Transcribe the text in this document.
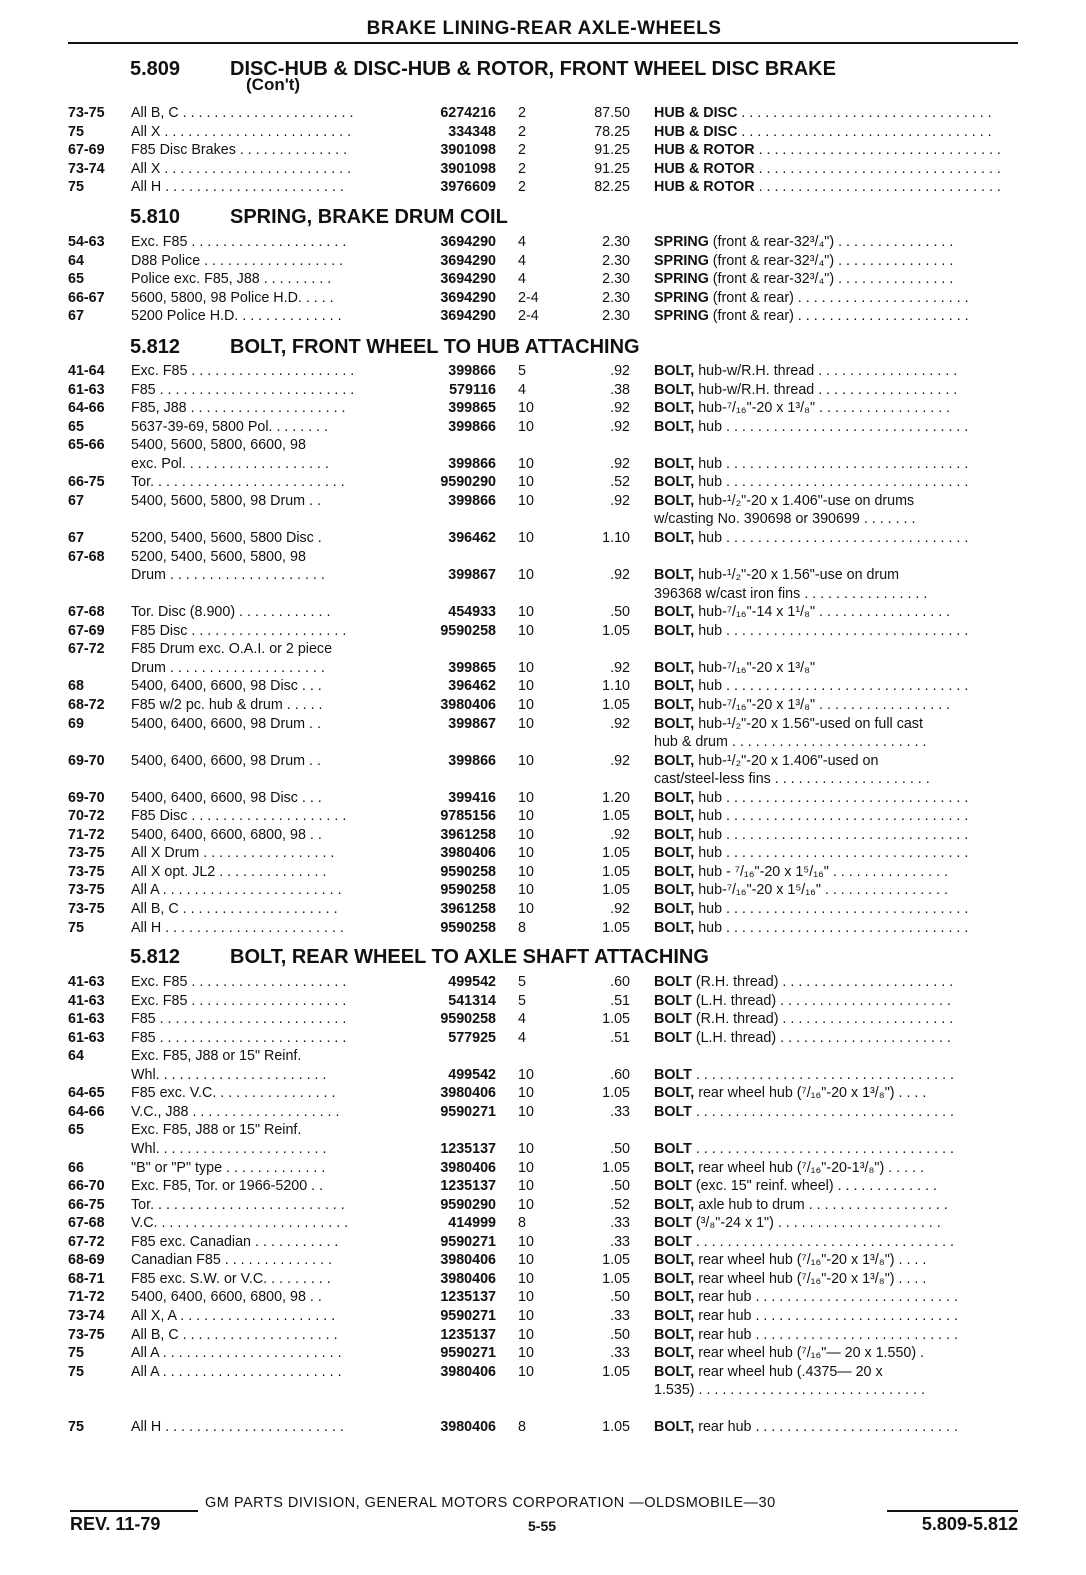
BRAKE LINING-REAR AXLE-WHEELS
5.809 DISC-HUB & DISC-HUB & ROTOR, FRONT WHEEL DISC BRAKE
(Con't)
73-75 All B, C . . . . . . . . . . . . . . . . . . . . . .	6274216 2	87.50 HUB & DISC . . . . . . . . . . . . . . . . . . . . . . . . . . . . . . . .
75	All X . . . . . . . . . . . . . . . . . . . . . . . .	334348 2	78.25 HUB & DISC . . . . . . . . . . . . . . . . . . . . . . . . . . . . . . . .
67-69 F85 Disc Brakes . . . . . . . . . . . . . .	3901098 2	91.25 HUB & ROTOR . . . . . . . . . . . . . . . . . . . . . . . . . . . . . . .
73-74 All X . . . . . . . . . . . . . . . . . . . . . . . .	3901098 2	91.25 HUB & ROTOR . . . . . . . . . . . . . . . . . . . . . . . . . . . . . . .
75	All H . . . . . . . . . . . . . . . . . . . . . . .	3976609 2	82.25 HUB & ROTOR . . . . . . . . . . . . . . . . . . . . . . . . . . . . . . .
5.810 SPRING, BRAKE DRUM COIL
54-63 Exc. F85 . . . . . . . . . . . . . . . . . . . .	3694290 4	2.30 SPRING (front & rear-32³/₄") . . . . . . . . . . . . . . .
64	D88 Police . . . . . . . . . . . . . . . . . .	3694290 4	2.30 SPRING (front & rear-32³/₄") . . . . . . . . . . . . . . .
65	Police exc. F85, J88 . . . . . . . . .	3694290 4	2.30 SPRING (front & rear-32³/₄") . . . . . . . . . . . . . . .
66-67 5600, 5800, 98 Police H.D. . . . .	3694290 2-4	2.30 SPRING (front & rear) . . . . . . . . . . . . . . . . . . . . . .
67	5200 Police H.D. . . . . . . . . . . . . .	3694290 2-4	2.30 SPRING (front & rear) . . . . . . . . . . . . . . . . . . . . . .
5.812 BOLT, FRONT WHEEL TO HUB ATTACHING
41-64 Exc. F85 . . . . . . . . . . . . . . . . . . . . .	399866 5	.92 BOLT, hub-w/R.H. thread . . . . . . . . . . . . . . . . . .
61-63 F85 . . . . . . . . . . . . . . . . . . . . . . . . .	579116 4	.38 BOLT, hub-w/R.H. thread . . . . . . . . . . . . . . . . . .
64-66 F85, J88 . . . . . . . . . . . . . . . . . . . .	399865 10	.92 BOLT, hub-⁷/₁₆"-20 x 1³/₈" . . . . . . . . . . . . . . . . .
65	5637-39-69, 5800 Pol. . . . . . . .	399866 10	.92 BOLT, hub . . . . . . . . . . . . . . . . . . . . . . . . . . . . . . .
65-66 5400, 5600, 5800, 6600, 98
exc. Pol. . . . . . . . . . . . . . . . . . .	399866 10	.92 BOLT, hub . . . . . . . . . . . . . . . . . . . . . . . . . . . . . . .
66-75 Tor. . . . . . . . . . . . . . . . . . . . . . . . .	9590290 10	.52 BOLT, hub . . . . . . . . . . . . . . . . . . . . . . . . . . . . . . .
67	5400, 5600, 5800, 98 Drum . .	399866 10	.92 BOLT, hub-¹/₂"-20 x 1.406"-use on drums
w/casting No. 390698 or 390699 . . . . . . .
67	5200, 5400, 5600, 5800 Disc .	396462 10	1.10 BOLT, hub . . . . . . . . . . . . . . . . . . . . . . . . . . . . . . .
67-68 5200, 5400, 5600, 5800, 98
Drum . . . . . . . . . . . . . . . . . . . .	399867 10	.92 BOLT, hub-¹/₂"-20 x 1.56"-use on drum
396368 w/cast iron fins . . . . . . . . . . . . . . . .
67-68 Tor. Disc (8.900) . . . . . . . . . . . .	454933 10	.50 BOLT, hub-⁷/₁₆"-14 x 1¹/₈" . . . . . . . . . . . . . . . . .
67-69 F85 Disc . . . . . . . . . . . . . . . . . . . .	9590258 10	1.05 BOLT, hub . . . . . . . . . . . . . . . . . . . . . . . . . . . . . . .
67-72 F85 Drum exc. O.A.I. or 2 piece
Drum . . . . . . . . . . . . . . . . . . . .	399865 10	.92 BOLT, hub-⁷/₁₆"-20 x 1³/₈"
68	5400, 6400, 6600, 98 Disc . . .	396462 10	1.10 BOLT, hub . . . . . . . . . . . . . . . . . . . . . . . . . . . . . . .
68-72 F85 w/2 pc. hub & drum . . . . .	3980406 10	1.05 BOLT, hub-⁷/₁₆"-20 x 1³/₈" . . . . . . . . . . . . . . . . .
69	5400, 6400, 6600, 98 Drum . .	399867 10	.92 BOLT, hub-¹/₂"-20 x 1.56"-used on full cast
hub & drum . . . . . . . . . . . . . . . . . . . . . . . . .
69-70 5400, 6400, 6600, 98 Drum . .	399866 10	.92 BOLT, hub-¹/₂"-20 x 1.406"-used on
cast/steel-less fins . . . . . . . . . . . . . . . . . . . .
69-70 5400, 6400, 6600, 98 Disc . . .	399416 10	1.20 BOLT, hub . . . . . . . . . . . . . . . . . . . . . . . . . . . . . . .
70-72 F85 Disc . . . . . . . . . . . . . . . . . . . .	9785156 10	1.05 BOLT, hub . . . . . . . . . . . . . . . . . . . . . . . . . . . . . . .
71-72 5400, 6400, 6600, 6800, 98 . .	3961258 10	.92 BOLT, hub . . . . . . . . . . . . . . . . . . . . . . . . . . . . . . .
73-75 All X Drum . . . . . . . . . . . . . . . . .	3980406 10	1.05 BOLT, hub . . . . . . . . . . . . . . . . . . . . . . . . . . . . . . .
73-75 All X opt. JL2 . . . . . . . . . . . . . .	9590258 10	1.05 BOLT, hub - ⁷/₁₆"-20 x 1⁵/₁₆" . . . . . . . . . . . . . . .
73-75 All A . . . . . . . . . . . . . . . . . . . . . . .	9590258 10	1.05 BOLT, hub-⁷/₁₆"-20 x 1⁵/₁₆" . . . . . . . . . . . . . . . .
73-75 All B, C . . . . . . . . . . . . . . . . . . . .	3961258 10	.92 BOLT, hub . . . . . . . . . . . . . . . . . . . . . . . . . . . . . . .
75	All H . . . . . . . . . . . . . . . . . . . . . . .	9590258 8	1.05 BOLT, hub . . . . . . . . . . . . . . . . . . . . . . . . . . . . . . .
5.812 BOLT, REAR WHEEL TO AXLE SHAFT ATTACHING
41-63 Exc. F85 . . . . . . . . . . . . . . . . . . . .	499542 5	.60 BOLT (R.H. thread) . . . . . . . . . . . . . . . . . . . . . .
41-63 Exc. F85 . . . . . . . . . . . . . . . . . . . .	541314 5	.51 BOLT (L.H. thread) . . . . . . . . . . . . . . . . . . . . . .
61-63 F85 . . . . . . . . . . . . . . . . . . . . . . . .	9590258 4	1.05 BOLT (R.H. thread) . . . . . . . . . . . . . . . . . . . . . .
61-63 F85 . . . . . . . . . . . . . . . . . . . . . . . .	577925 4	.51 BOLT (L.H. thread) . . . . . . . . . . . . . . . . . . . . . .
64	Exc. F85, J88 or 15" Reinf.
Whl. . . . . . . . . . . . . . . . . . . . . .	499542 10	.60 BOLT . . . . . . . . . . . . . . . . . . . . . . . . . . . . . . . . .
64-65 F85 exc. V.C. . . . . . . . . . . . . . . .	3980406 10	1.05 BOLT, rear wheel hub (⁷/₁₆"-20 x 1³/₈") . . . .
64-66 V.C., J88 . . . . . . . . . . . . . . . . . . .	9590271 10	.33 BOLT . . . . . . . . . . . . . . . . . . . . . . . . . . . . . . . . .
65	Exc. F85, J88 or 15" Reinf.
Whl. . . . . . . . . . . . . . . . . . . . . .	1235137 10	.50 BOLT . . . . . . . . . . . . . . . . . . . . . . . . . . . . . . . . .
66	"B" or "P" type . . . . . . . . . . . . .	3980406 10	1.05 BOLT, rear wheel hub (⁷/₁₆"-20-1³/₈") . . . . .
66-70 Exc. F85, Tor. or 1966-5200 . .	1235137 10	.50 BOLT (exc. 15" reinf. wheel) . . . . . . . . . . . . .
66-75 Tor. . . . . . . . . . . . . . . . . . . . . . . . .	9590290 10	.52 BOLT, axle hub to drum . . . . . . . . . . . . . . . . . .
67-68 V.C. . . . . . . . . . . . . . . . . . . . . . . . .	414999 8	.33 BOLT (³/₈"-24 x 1") . . . . . . . . . . . . . . . . . . . . .
67-72 F85 exc. Canadian . . . . . . . . . . .	9590271 10	.33 BOLT . . . . . . . . . . . . . . . . . . . . . . . . . . . . . . . . .
68-69 Canadian F85 . . . . . . . . . . . . . .	3980406 10	1.05 BOLT, rear wheel hub (⁷/₁₆"-20 x 1³/₈") . . . .
68-71 F85 exc. S.W. or V.C. . . . . . . . .	3980406 10	1.05 BOLT, rear wheel hub (⁷/₁₆"-20 x 1³/₈") . . . .
71-72 5400, 6400, 6600, 6800, 98 . .	1235137 10	.50 BOLT, rear hub . . . . . . . . . . . . . . . . . . . . . . . . . .
73-74 All X, A . . . . . . . . . . . . . . . . . . . .	9590271 10	.33 BOLT, rear hub . . . . . . . . . . . . . . . . . . . . . . . . . .
73-75 All B, C . . . . . . . . . . . . . . . . . . . .	1235137 10	.50 BOLT, rear hub . . . . . . . . . . . . . . . . . . . . . . . . . .
75	All A . . . . . . . . . . . . . . . . . . . . . . .	9590271 10	.33 BOLT, rear wheel hub (⁷/₁₆"— 20 x 1.550) .
75	All A . . . . . . . . . . . . . . . . . . . . . . .	3980406 10	1.05 BOLT, rear wheel hub (.4375— 20 x
1.535) . . . . . . . . . . . . . . . . . . . . . . . . . . . . .
75	All H . . . . . . . . . . . . . . . . . . . . . . .	3980406 8	1.05 BOLT, rear hub . . . . . . . . . . . . . . . . . . . . . . . . . .
GM PARTS DIVISION, GENERAL MOTORS CORPORATION —OLDSMOBILE—30
REV. 11-79	5-55	5.809-5.812
